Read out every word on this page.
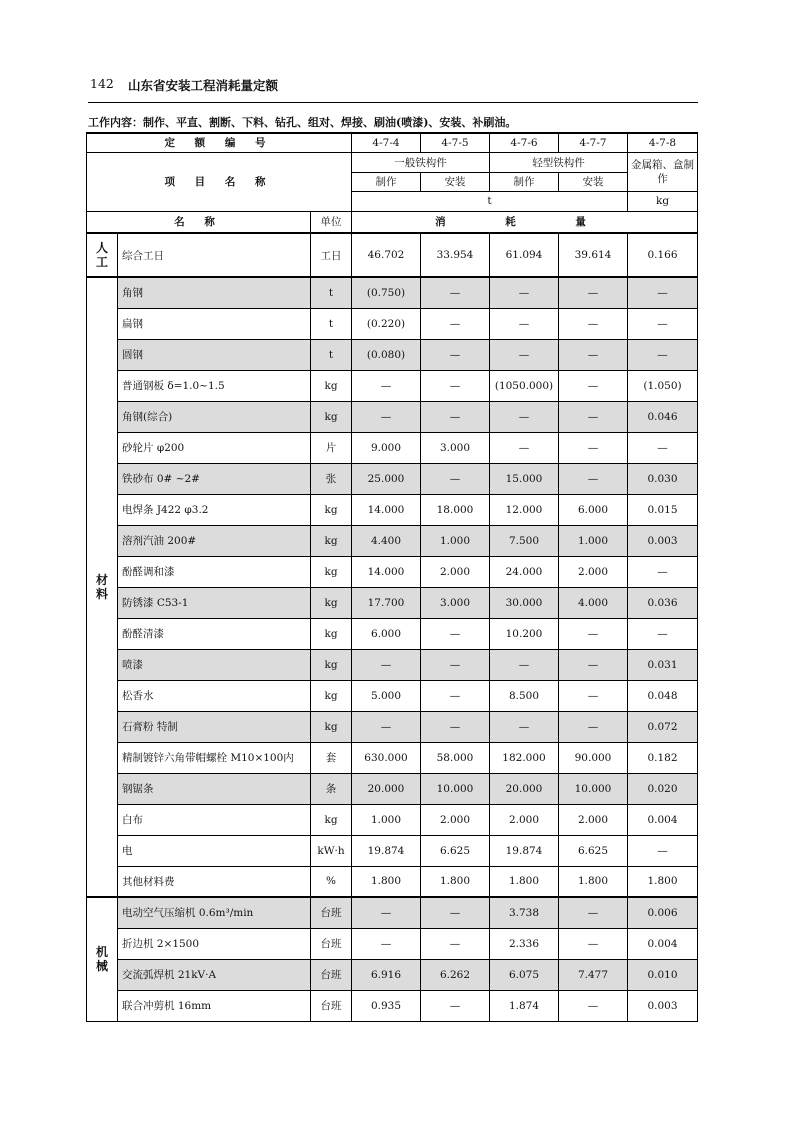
142 山东省安装工程消耗量定额
工作内容：制作、平直、割断、下料、钻孔、组对、焊接、刷油(喷漆)、安装、补刷油。
定 额 编 号			4-7-4	4-7-5	4-7-6	4-7-7	4-7-8
项 目 名 称			一般铁构件		轻型铁构件		金属箱、盒制作
			制作	安装	制作	安装	
			t				kg
名 称		单位	消 耗 量				
人工	综合工日	工日	46.702	33.954	61.094	39.614	0.166
材料	角钢	t	(0.750)	—	—	—	—
	扁钢	t	(0.220)	—	—	—	—
	圆钢	t	(0.080)	—	—	—	—
	普通钢板 δ=1.0~1.5	kg	—	—	(1050.000)	—	(1.050)
	角钢(综合)	kg	—	—	—	—	0.046
	砂轮片 φ200	片	9.000	3.000	—	—	—
	铁砂布 0# ~2#	张	25.000	—	15.000	—	0.030
	电焊条 J422 φ3.2	kg	14.000	18.000	12.000	6.000	0.015
	溶剂汽油 200#	kg	4.400	1.000	7.500	1.000	0.003
	酚醛调和漆	kg	14.000	2.000	24.000	2.000	—
	防锈漆 C53-1	kg	17.700	3.000	30.000	4.000	0.036
	酚醛清漆	kg	6.000	—	10.200	—	—
	喷漆	kg	—	—	—	—	0.031
	松香水	kg	5.000	—	8.500	—	0.048
	石膏粉 特制	kg	—	—	—	—	0.072
	精制镀锌六角带帽螺栓 M10×100内	套	630.000	58.000	182.000	90.000	0.182
	钢锯条	条	20.000	10.000	20.000	10.000	0.020
	白布	kg	1.000	2.000	2.000	2.000	0.004
	电	kW·h	19.874	6.625	19.874	6.625	—
	其他材料费	%	1.800	1.800	1.800	1.800	1.800
机械	电动空气压缩机 0.6m³/min	台班	—	—	3.738	—	0.006
	折边机 2×1500	台班	—	—	2.336	—	0.004
	交流弧焊机 21kV·A	台班	6.916	6.262	6.075	7.477	0.010
	联合冲剪机 16mm	台班	0.935	—	1.874	—	0.003
